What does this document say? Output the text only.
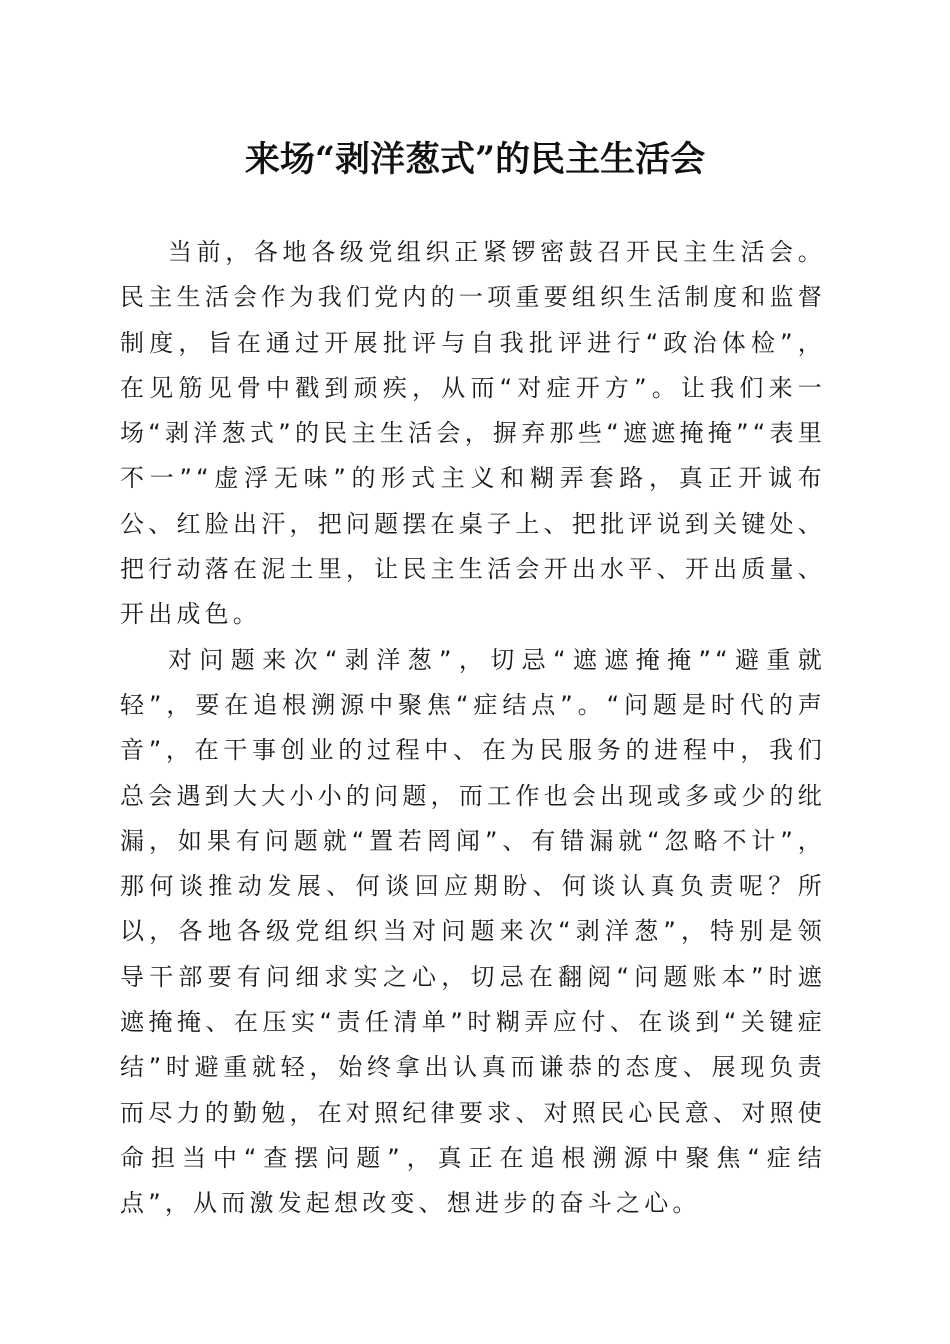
来场“剥洋葱式”的民主生活会

当前，各地各级党组织正紧锣密鼓召开民主生活会。民主生活会作为我们党内的一项重要组织生活制度和监督制度，旨在通过开展批评与自我批评进行“政治体检”，在见筋见骨中戳到顽疾，从而“对症开方”。让我们来一场“剥洋葱式”的民主生活会，摒弃那些“遮遮掩掩”“表里不一”“虚浮无味”的形式主义和糊弄套路，真正开诚布公、红脸出汗，把问题摆在桌子上、把批评说到关键处、把行动落在泥土里，让民主生活会开出水平、开出质量、开出成色。

对问题来次“剥洋葱”，切忌“遮遮掩掩”“避重就轻”，要在追根溯源中聚焦“症结点”。“问题是时代的声音”，在干事创业的过程中、在为民服务的进程中，我们总会遇到大大小小的问题，而工作也会出现或多或少的纰漏，如果有问题就“置若罔闻”、有错漏就“忽略不计”，那何谈推动发展、何谈回应期盼、何谈认真负责呢？所以，各地各级党组织当对问题来次“剥洋葱”，特别是领导干部要有问细求实之心，切忌在翻阅“问题账本”时遮遮掩掩、在压实“责任清单”时糊弄应付、在谈到“关键症结”时避重就轻，始终拿出认真而谦恭的态度、展现负责而尽力的勤勉，在对照纪律要求、对照民心民意、对照使命担当中“查摆问题”，真正在追根溯源中聚焦“症结点”，从而激发起想改变、想进步的奋斗之心。
